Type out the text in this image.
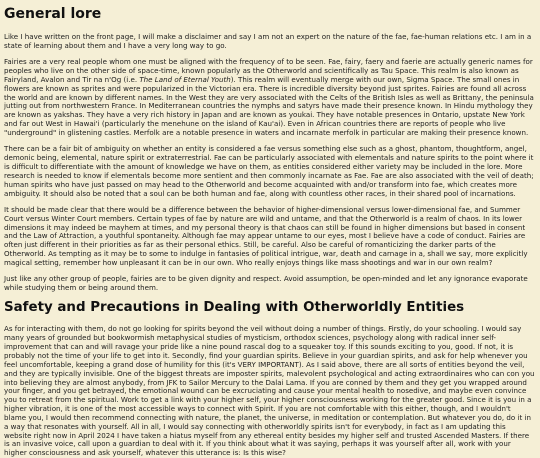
General lore

Like I have written on the front page, I will make a disclaimer and say I am not an expert on the nature of the fae, fae-human relations etc. I am in a state of learning about them and I have a very long way to go.

Fairies are a very real people whom one must be aligned with the frequency of to be seen. Fae, fairy, faery and faerie are actually generic names for peoples who live on the other side of space-time, known popularly as the Otherworld and scientifically as Tau Space. This realm is also known as Fairyland, Avalon and Tir na n'Og (i.e. The Land of Eternal Youth). This realm will eventually merge with our own, Sigma Space. The small ones in flowers are known as sprites and were popularized in the Victorian era. There is incredible diversity beyond just sprites. Fairies are found all across the world and are known by different names. In the West they are very associated with the Celts of the British Isles as well as Brittany, the peninsula jutting out from northwestern France. In Mediterranean countries the nymphs and satyrs have made their presence known. In Hindu mythology they are known as yakshas. They have a very rich history in Japan and are known as youkai. They have notable presences in Ontario, upstate New York and far out West in Hawai'i (particularly the menehune on the island of Kau'ai). Even in African countries there are reports of people who live "underground" in glistening castles. Merfolk are a notable presence in waters and incarnate merfolk in particular are making their presence known.

There can be a fair bit of ambiguity on whether an entity is considered a fae versus something else such as a ghost, phantom, thoughtform, angel, demonic being, elemental, nature spirit or extraterrestrial. Fae can be particularly associated with elementals and nature spirits to the point where it is difficult to differentiate with the amount of knowledge we have on them, as entities considered either variety may be included in the lore. More research is needed to know if elementals become more sentient and then commonly incarnate as Fae. Fae are also associated with the veil of death; human spirits who have just passed on may head to the Otherworld and become acquainted with and/or transform into fae, which creates more ambiguity. It should also be noted that a soul can be both human and fae, along with countless other races, in their shared pool of incarnations.

It should be made clear that there would be a difference between the behavior of higher-dimensional versus lower-dimensional fae, and Summer Court versus Winter Court members. Certain types of fae by nature are wild and untame, and that the Otherworld is a realm of chaos. In its lower dimensions it may indeed be mayhem at times, and my personal theory is that chaos can still be found in higher dimensions but based in consent and the Law of Attraction, a youthful spontaneity. Although fae may appear untame to our eyes, most I believe have a code of conduct. Fairies are often just different in their priorities as far as their personal ethics. Still, be careful. Also be careful of romanticizing the darker parts of the Otherworld. As tempting as it may be to some to indulge in fantasies of political intrigue, war, death and carnage in a, shall we say, more explicitly magical setting, remember how unpleasant it can be in our own. Who really enjoys things like mass shootings and war in our own realm?

Just like any other group of people, fairies are to be given dignity and respect. Avoid assumption, be open-minded and let any ignorance evaporate while studying them or being around them.

Safety and Precautions in Dealing with Otherworldly Entities

As for interacting with them, do not go looking for spirits beyond the veil without doing a number of things. Firstly, do your schooling. I would say many years of grounded but bookwormish metaphysical studies of mysticism, orthodox sciences, psychology along with radical inner self-improvement that can and will ravage your pride like a nine pound rascal dog to a squeaker toy. If this sounds exciting to you, good. If not, it is probably not the time of your life to get into it. Secondly, find your guardian spirits. Believe in your guardian spirits, and ask for help whenever you feel uncomfortable, keeping a grand dose of humility for this (it's VERY IMPORTANT). As I said above, there are all sorts of entities beyond the veil, and they are typically invisible. One of the biggest threats are imposter spirits, malevolent psychological and acting extraordinaires who can con you into believing they are almost anybody, from JFK to Sailor Mercury to the Dalai Lama. If you are conned by them and they get you wrapped around your finger, and you get betrayed, the emotional wound can be excruciating and cause your mental health to nosedive, and maybe even convince you to retreat from the spiritual. Work to get a link with your higher self, your higher consciousness working for the greater good. Since it is you in a higher vibration, it is one of the most accessible ways to connect with Spirit. If you are not comfortable with this either, though, and I wouldn't blame you, I would then recommend connecting with nature, the planet, the universe, in meditation or contemplation. But whatever you do, do it in a way that resonates with yourself. All in all, I would say connecting with otherworldly spirits isn't for everybody, in fact as I am updating this website right now in April 2024 I have taken a hiatus myself from any ethereal entity besides my higher self and trusted Ascended Masters. If there is an invasive voice, call upon a guardian to deal with it. If you think about what it was saying, perhaps it was yourself after all, work with your higher consciousness and ask yourself, whatever this utterance is: Is this wise?
